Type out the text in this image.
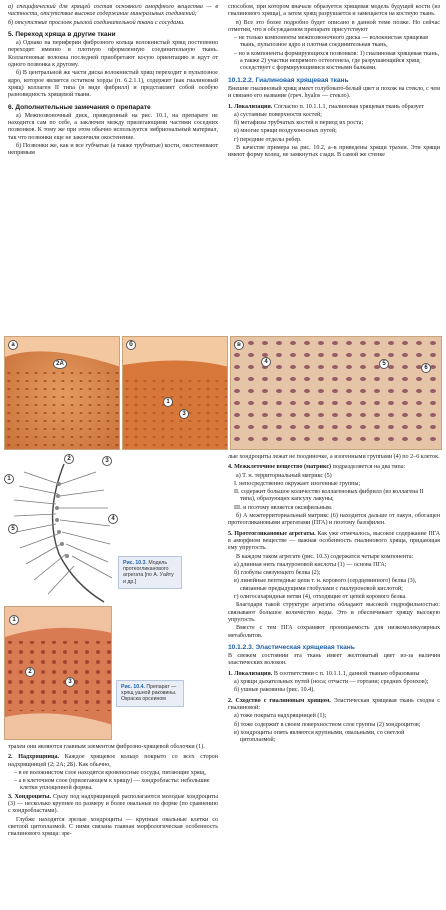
а) специфический для хрящей состав основного аморфного вещества — в частности, отсутствие высокое содержание минеральных соединений;
б) отсутствие прослоек рыхлой соединительной ткани с сосудами.
5. Переход хряща в другие ткани
а) Однако на периферии фиброзного кольца волокнистый хрящ постепенно переходит именно в плотную оформленную соединительную ткань. Коллагеновые волокна последней приобретают косую ориентацию и идут от одного позвонка к другому.
б) В центральной же части диска волокнистый хрящ переходит в пульпозное ядро, которое является остатком хорды (п. 6.2.1.1), содержит (как гиалиновый хрящ) коллаген II типа (в виде фибрилл) и представляет собой особую разновидность хрящевой ткани.
6. Дополнительные замечания о препарате
а) Межпозвоночный диск, приведенный на рис. 10.1, на препарате не находится сам по себе, а заключен между прилегающими частями соседних позвонков. К тому же при этом обычно используется эмбриональный материал, так что позвонки еще не закончили окостенение.
б) Позвонки же, как и все губчатые (а также трубчатые) кости, окостеневают непрямым
способом, при котором вначале образуется хрящевая модель будущей кости (из гиалинового хряща), а затем хрящ разрушается и замещается на костную ткань.
в) Все это более подробно будет описано в данной теме позже. Но сейчас отметим, что в обсуждаемом препарате присутствуют
– не только компоненты межпозвоночного диска — волокнистая хрящевая ткань, пульпозное ядро и плотная соединительная ткань,
– но и компоненты формирующихся позвонков: 1) гиалиновая хрящевая ткань, а также 2) участки непрямого остеогенеза, где разрушающийся хрящ соседствует с формирующимися костными балками.
10.1.2.2. Гиалиновая хрящевая ткань
Внешне гиалиновый хрящ имеет голубовато-белый цвет и похож на стекло, с чем и связано его название (греч. hyalos — стекло).
1. Локализация. Согласно п. 10.1.1.1, гиалиновая хрящевая ткань образует
а) суставные поверхности костей;
б) метафизы трубчатых костей в период их роста;
в) многие хрящи воздухоносных путей;
г) передние отделы ребер.
В качестве примера на рис. 10.2, а–в приведены хрящи трахеи. Эти хрящи имеют форму колец, не замкнутых сзади. В самой же стенке
а
2А
б
1
3
в
4	5
6
1
2	3
4
5
Рис. 10.3. Модель протеогликанового агрегата [по А. Уайту и др.]
1
2
3
Рис. 10.4. Препарат — хрящ ушной раковины. Окраска орсеином
трахеи они являются главным элементом фиброзно-хрящевой оболочки (1).
2. Надхрящница. Каждое хрящевое кольцо покрыто со всех сторон надхрящницей (2; 2А; 2Б). Как обычно,
– в ее волокнистом слое находятся кровеносные сосуды, питающие хрящ,
– а в клеточном слое (прилегающем к хрящу) — хондробласты: небольшие клетки уплощенной формы.
3. Хондроциты. Сразу под надхрящницей располагаются молодые хондроциты (3) — несколько крупнее по размеру и более овальные по форме (по сравнению с хондробластами).
Глубже находятся зрелые хондроциты — крупные овальные клетки со светлой цитоплазмой. С ними связана главная морфологическая особенность гиалинового хряща: зре-
лые хондроциты лежат не поодиночке, а изогенными группами (4) по 2–6 клеток.
4. Межклеточное вещество (матрикс) подразделяется на два типа:
а) Т. н. территориальный матрикс (5)
I. непосредственно окружает изогенные группы;
II. содержит большое количество коллагеновых фибрилл (из коллагена II типа), образующих капсулу лакуны;
III. и поэтому является оксифильным.
б) А межтерриториальный матрикс (6) находится дальше от лакун, обогащен протеогликановыми агрегатами (ПГА) и поэтому базофилен.
5. Протеогликановые агрегаты. Как уже отмечалось, высокое содержание ПГА в аморфном веществе — важная особенность гиалинового хряща, придающая ему упругость.
В каждом таком агрегате (рис. 10.3) содержатся четыре компонента:
а) длинная нить гиалуроновой кислоты (1) — основа ПГА;
б) глобулы связующего белка (2);
в) линейные пептидные цепи т. н. корового (сердцевинного) белка (3), связанные предыдущими глобулами с гиалуроновой кислотой;
г) олигосахаридные ветви (4), отходящие от цепей корового белка.
Благодаря такой структуре агрегаты обладают высокой гидрофильностью: связывают большое количество воды. Это и обеспечивает хрящу высокую упругость.
Вместе с тем ПГА сохраняют проницаемость для низкомолекулярных метаболитов.
10.1.2.3. Эластическая хрящевая ткань
В свежем состоянии эта ткань имеет желтоватый цвет из-за наличия эластических волокон.
1. Локализация. В соответствии с п. 10.1.1.1, данной тканью образованы
а) хрящи дыхательных путей (носа; отчасти — гортани; средних бронхов);
б) ушные раковины (рис. 10.4).
2. Сходство с гиалиновым хрящом. Эластическая хрящевая ткань сходна с гиалиновой:
а) тоже покрыта надхрящницей (1);
б) тоже содержит в своем поверхностном слое группы (2) хондроцитов;
в) хондроциты опять являются крупными, овальными, со светлой цитоплазмой;
